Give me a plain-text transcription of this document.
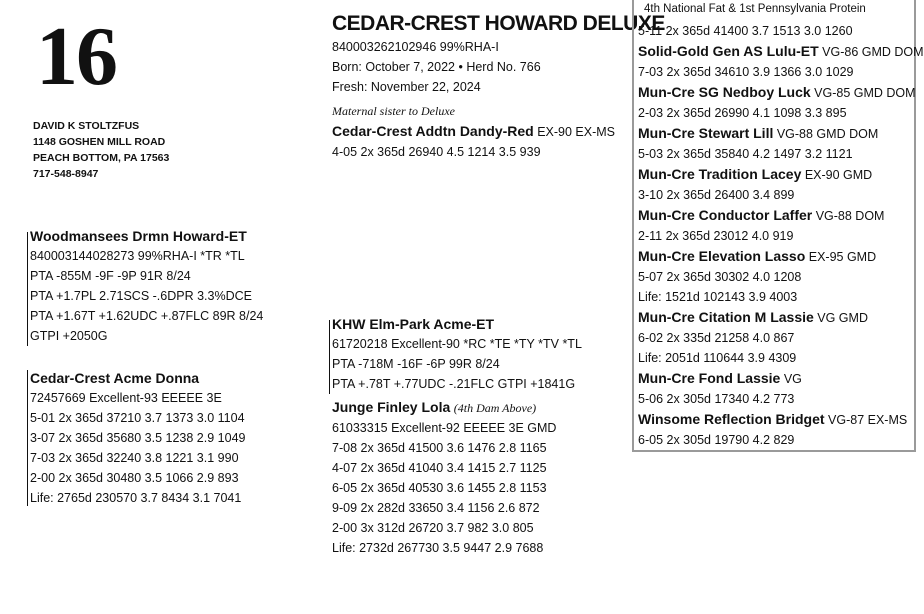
16
DAVID K STOLTZFUS
1148 GOSHEN MILL ROAD
PEACH BOTTOM, PA 17563
717-548-8947
CEDAR-CREST HOWARD DELUXE
840003262102946 99%RHA-I
Born: October 7, 2022 • Herd No. 766
Fresh: November 22, 2024
Maternal sister to Deluxe
Cedar-Crest Addtn Dandy-Red EX-90 EX-MS
4-05 2x 365d 26940 4.5 1214 3.5 939
Woodmansees Drmn Howard-ET
840003144028273 99%RHA-I *TR *TL
PTA -855M -9F -9P 91R 8/24
PTA +1.7PL 2.71SCS -.6DPR 3.3%DCE
PTA +1.67T +1.62UDC +.87FLC 89R 8/24
GTPI +2050G
Cedar-Crest Acme Donna
72457669 Excellent-93 EEEEE 3E
5-01 2x 365d 37210 3.7 1373 3.0 1104
3-07 2x 365d 35680 3.5 1238 2.9 1049
7-03 2x 365d 32240 3.8 1221 3.1 990
2-00 2x 365d 30480 3.5 1066 2.9 893
Life: 2765d 230570 3.7 8434 3.1 7041
KHW Elm-Park Acme-ET
61720218 Excellent-90 *RC *TE *TY *TV *TL
PTA -718M -16F -6P 99R 8/24
PTA +.78T +.77UDC -.21FLC GTPI +1841G
Junge Finley Lola (4th Dam Above)
61033315 Excellent-92 EEEEE 3E GMD
7-08 2x 365d 41500 3.6 1476 2.8 1165
4-07 2x 365d 41040 3.4 1415 2.7 1125
6-05 2x 365d 40530 3.6 1455 2.8 1153
9-09 2x 282d 33650 3.4 1156 2.6 872
2-00 3x 312d 26720 3.7 982 3.0 805
Life: 2732d 267730 3.5 9447 2.9 7688
4th National Fat & 1st Pennsylvania Protein
5-11 2x 365d 41400 3.7 1513 3.0 1260
Solid-Gold Gen AS Lulu-ET VG-86 GMD DOM
7-03 2x 365d 34610 3.9 1366 3.0 1029
Mun-Cre SG Nedboy Luck VG-85 GMD DOM
2-03 2x 365d 26990 4.1 1098 3.3 895
Mun-Cre Stewart Lill VG-88 GMD DOM
5-03 2x 365d 35840 4.2 1497 3.2 1121
Mun-Cre Tradition Lacey EX-90 GMD
3-10 2x 365d 26400 3.4 899
Mun-Cre Conductor Laffer VG-88 DOM
2-11 2x 365d 23012 4.0 919
Mun-Cre Elevation Lasso EX-95 GMD
5-07 2x 365d 30302 4.0 1208
Life: 1521d 102143 3.9 4003
Mun-Cre Citation M Lassie VG GMD
6-02 2x 335d 21258 4.0 867
Life: 2051d 110644 3.9 4309
Mun-Cre Fond Lassie VG
5-06 2x 305d 17340 4.2 773
Winsome Reflection Bridget VG-87 EX-MS
6-05 2x 305d 19790 4.2 829
